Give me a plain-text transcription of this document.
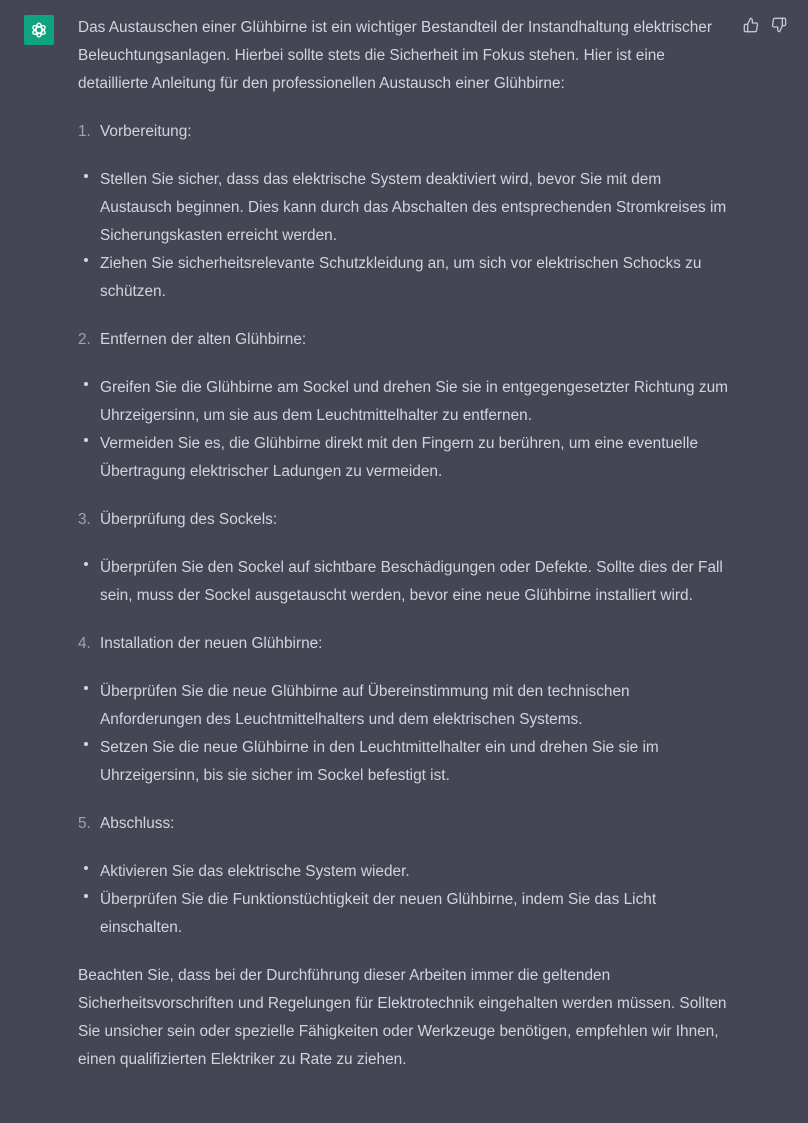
Das Austauschen einer Glühbirne ist ein wichtiger Bestandteil der Instandhaltung elektrischer Beleuchtungsanlagen. Hierbei sollte stets die Sicherheit im Fokus stehen. Hier ist eine detaillierte Anleitung für den professionellen Austausch einer Glühbirne:

1. Vorbereitung:
Stellen Sie sicher, dass das elektrische System deaktiviert wird, bevor Sie mit dem Austausch beginnen. Dies kann durch das Abschalten des entsprechenden Stromkreises im Sicherungskasten erreicht werden.
Ziehen Sie sicherheitsrelevante Schutzkleidung an, um sich vor elektrischen Schocks zu schützen.
2. Entfernen der alten Glühbirne:
Greifen Sie die Glühbirne am Sockel und drehen Sie sie in entgegengesetzter Richtung zum Uhrzeigersinn, um sie aus dem Leuchtmittelhalter zu entfernen.
Vermeiden Sie es, die Glühbirne direkt mit den Fingern zu berühren, um eine eventuelle Übertragung elektrischer Ladungen zu vermeiden.
3. Überprüfung des Sockels:
Überprüfen Sie den Sockel auf sichtbare Beschädigungen oder Defekte. Sollte dies der Fall sein, muss der Sockel ausgetauscht werden, bevor eine neue Glühbirne installiert wird.
4. Installation der neuen Glühbirne:
Überprüfen Sie die neue Glühbirne auf Übereinstimmung mit den technischen Anforderungen des Leuchtmittelhalters und dem elektrischen Systems.
Setzen Sie die neue Glühbirne in den Leuchtmittelhalter ein und drehen Sie sie im Uhrzeigersinn, bis sie sicher im Sockel befestigt ist.
5. Abschluss:
Aktivieren Sie das elektrische System wieder.
Überprüfen Sie die Funktionstüchtigkeit der neuen Glühbirne, indem Sie das Licht einschalten.

Beachten Sie, dass bei der Durchführung dieser Arbeiten immer die geltenden Sicherheitsvorschriften und Regelungen für Elektrotechnik eingehalten werden müssen. Sollten Sie unsicher sein oder spezielle Fähigkeiten oder Werkzeuge benötigen, empfehlen wir Ihnen, einen qualifizierten Elektriker zu Rate zu ziehen.
